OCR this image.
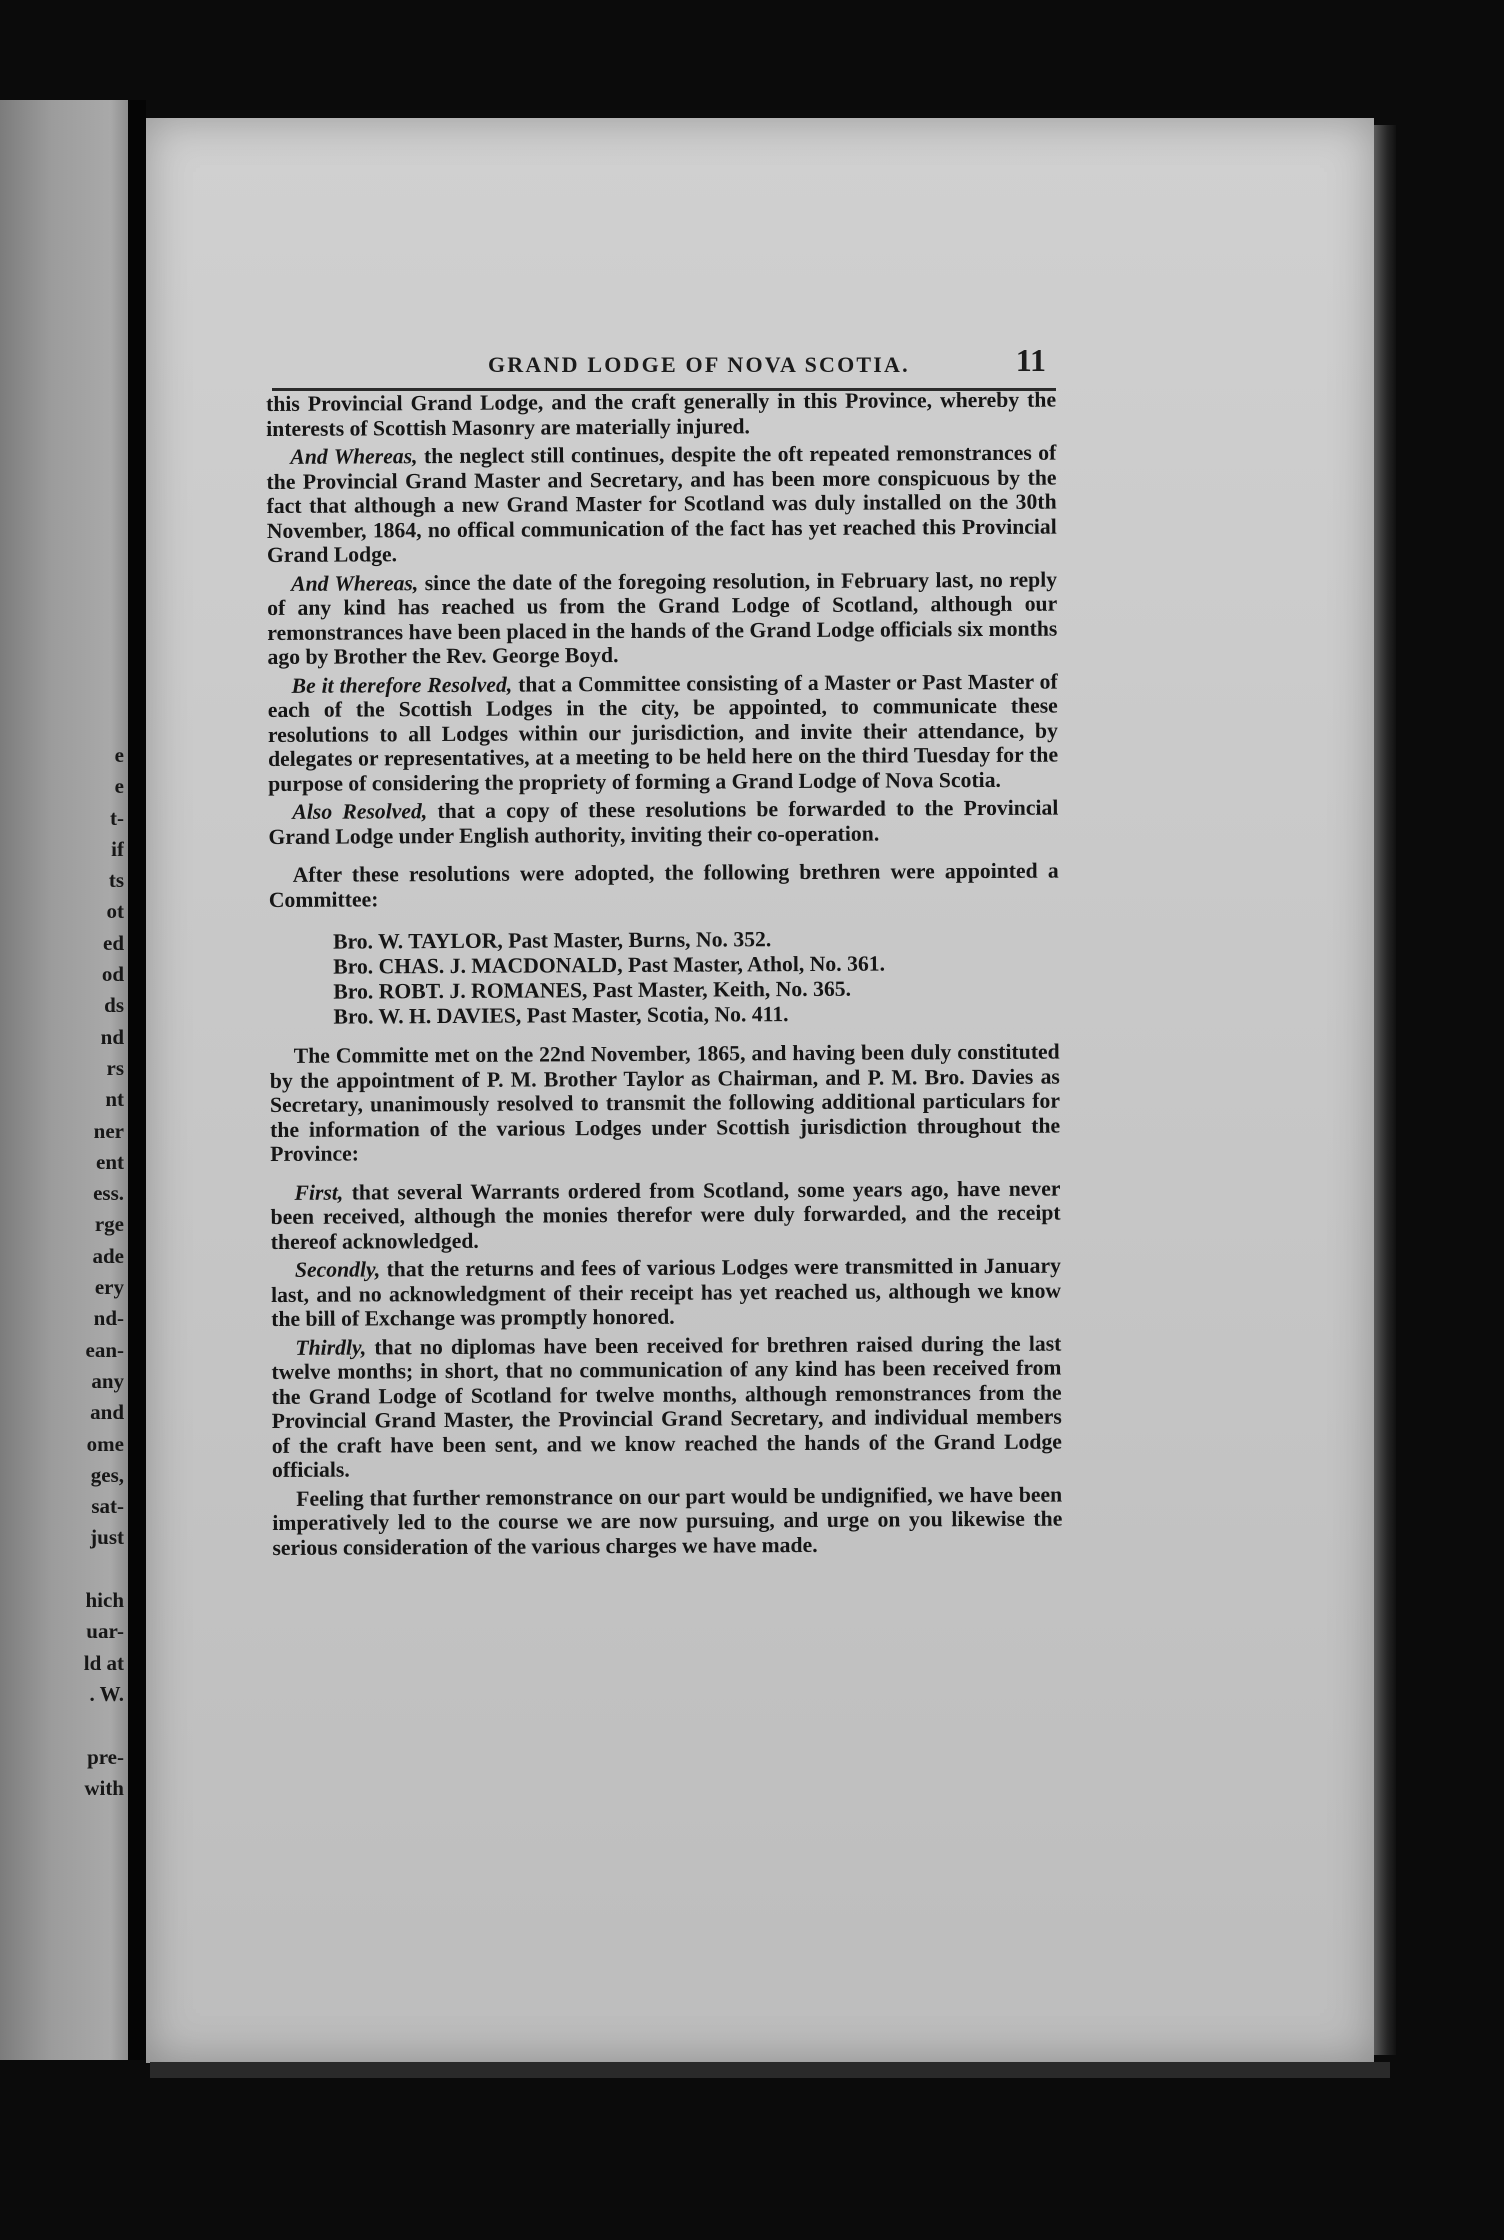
e
e
t-
if
ts
ot
ed
od
ds
nd
rs
nt
ner
ent
ess.
rge
ade
ery
nd-
ean-
any
and
ome
ges,
sat-
just
hich
uar-
ld at
. W.
pre-
with
GRAND LODGE OF NOVA SCOTIA.	11

this Provincial Grand Lodge, and the craft generally in this Province, whereby the interests of Scottish Masonry are materially injured.

And Whereas, the neglect still continues, despite the oft repeated remonstrances of the Provincial Grand Master and Secretary, and has been more conspicuous by the fact that although a new Grand Master for Scotland was duly installed on the 30th November, 1864, no offical communication of the fact has yet reached this Provincial Grand Lodge.

And Whereas, since the date of the foregoing resolution, in February last, no reply of any kind has reached us from the Grand Lodge of Scotland, although our remonstrances have been placed in the hands of the Grand Lodge officials six months ago by Brother the Rev. George Boyd.

Be it therefore Resolved, that a Committee consisting of a Master or Past Master of each of the Scottish Lodges in the city, be appointed, to communicate these resolutions to all Lodges within our jurisdiction, and invite their attendance, by delegates or representatives, at a meeting to be held here on the third Tuesday for the purpose of considering the propriety of forming a Grand Lodge of Nova Scotia.

Also Resolved, that a copy of these resolutions be forwarded to the Provincial Grand Lodge under English authority, inviting their co-operation.

After these resolutions were adopted, the following brethren were appointed a Committee:

Bro. W. TAYLOR, Past Master, Burns, No. 352.
Bro. CHAS. J. MACDONALD, Past Master, Athol, No. 361.
Bro. ROBT. J. ROMANES, Past Master, Keith, No. 365.
Bro. W. H. DAVIES, Past Master, Scotia, No. 411.

The Committe met on the 22nd November, 1865, and having been duly constituted by the appointment of P. M. Brother Taylor as Chairman, and P. M. Bro. Davies as Secretary, unanimously resolved to transmit the following additional particulars for the information of the various Lodges under Scottish jurisdiction throughout the Province:

First, that several Warrants ordered from Scotland, some years ago, have never been received, although the monies therefor were duly forwarded, and the receipt thereof acknowledged.

Secondly, that the returns and fees of various Lodges were transmitted in January last, and no acknowledgment of their receipt has yet reached us, although we know the bill of Exchange was promptly honored.

Thirdly, that no diplomas have been received for brethren raised during the last twelve months; in short, that no communication of any kind has been received from the Grand Lodge of Scotland for twelve months, although remonstrances from the Provincial Grand Master, the Provincial Grand Secretary, and individual members of the craft have been sent, and we know reached the hands of the Grand Lodge officials.

Feeling that further remonstrance on our part would be undignified, we have been imperatively led to the course we are now pursuing, and urge on you likewise the serious consideration of the various charges we have made.
